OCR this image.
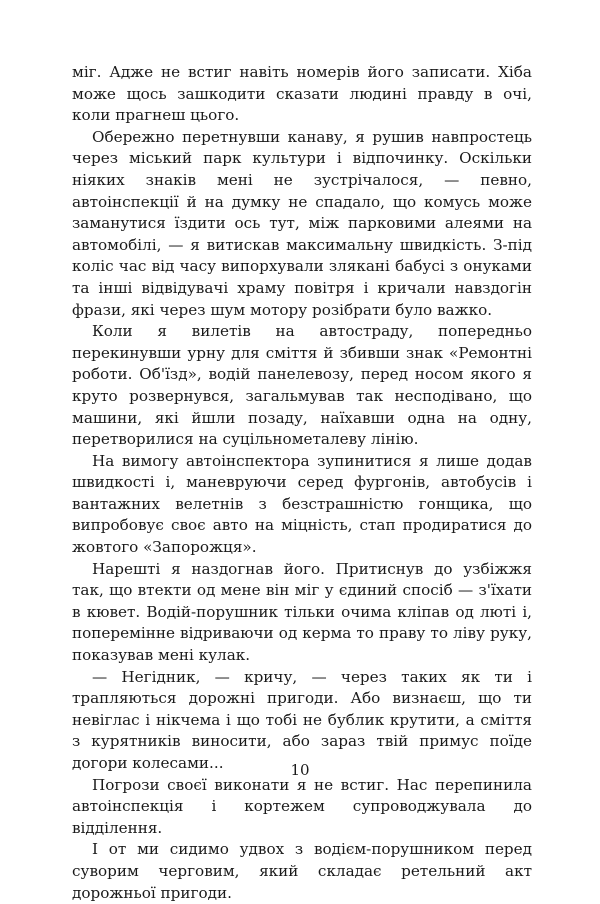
міг. Адже не встиг навіть номерів його записати. Хіба може щось зашкодити сказати людині правду в очі, коли прагнеш цього.

Обережно перетнувши канаву, я рушив навпростець через міський парк культури і відпочинку. Оскільки ніяких знаків мені не зустрічалося, — певно, автоінспекції й на думку не спадало, що комусь може заманутися їздити ось тут, між парковими алеями на автомобілі, — я витискав максимальну швидкість. З-під коліс час від часу випорхували злякані бабусі з онуками та інші відвідувачі храму повітря і кричали навздогін фрази, які через шум мотору розібрати було важко.

Коли я вилетів на автостраду, попередньо перекинувши урну для сміття й збивши знак «Ремонтні роботи. Об'їзд», водій панелевозу, перед носом якого я круто розвернувся, загальмував так несподівано, що машини, які йшли позаду, наїхавши одна на одну, перетворилися на суцільнометалеву лінію.

На вимогу автоінспектора зупинитися я лише додав швидкості і, маневруючи серед фургонів, автобусів і вантажних велетнів з безстрашністю гонщика, що випробовує своє авто на міцність, стап продиратися до жовтого «Запорожця».

Нарешті я наздогнав його. Притиснув до узбіжжя так, що втекти од мене він міг у єдиний спосіб — з'їхати в кювет. Водій-порушник тільки очима кліпав од люті і, поперемінне відриваючи од керма то праву то ліву руку, показував мені кулак.

— Негідник, — кричу, — через таких як ти і трапляються дорожні пригоди. Або визнаєш, що ти невіглас і нікчема і що тобі не бублик крутити, а сміття з курятників виносити, або зараз твій примус поїде догори колесами...

Погрози своєї виконати я не встиг. Нас перепинила автоінспекція і кортежем супроводжувала до відділення.

І от ми сидимо удвох з водієм-порушником перед суворим черговим, який складає ретельний акт дорожньої пригоди.

10
